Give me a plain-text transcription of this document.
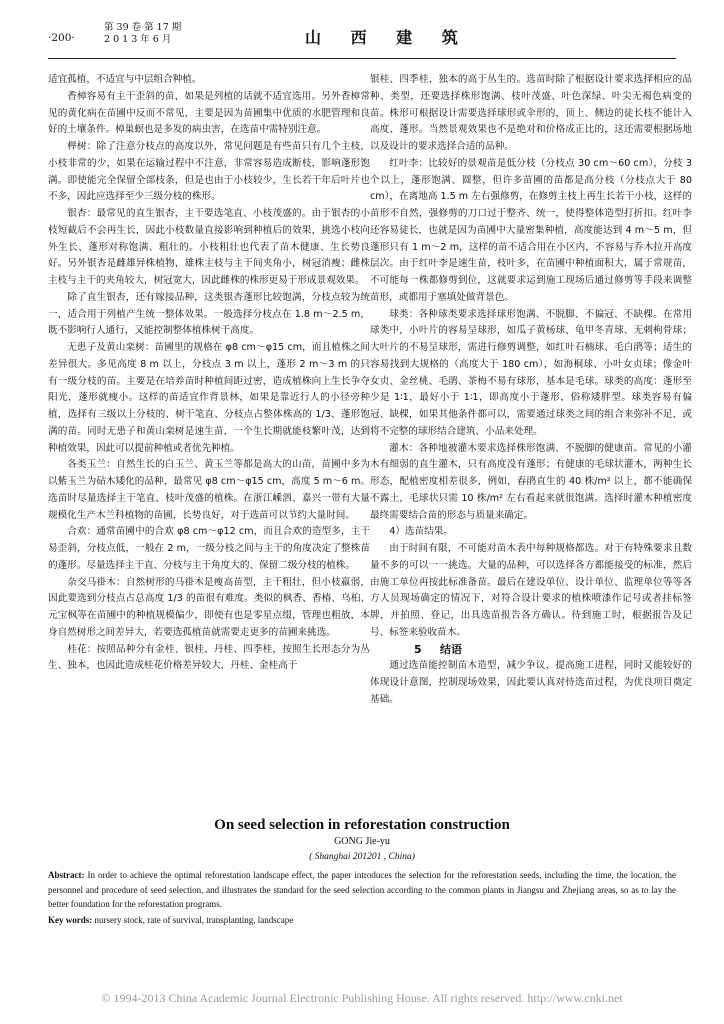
·200·
第 39 卷 第 17 期
2 0 1 3 年 6 月	山 西 建 筑

适宜孤植，不适宜与中层组合种植。

香樟容易有主干歪斜的苗，如果是列植的话就不适宜选用。另外香樟常见的黄化病在苗圃中反而不常见，主要是因为苗圃集中优质的水肥管理和良好的土壤条件。樟巢螟也是多发的病虫害，在选苗中需特别注意。

榉树：除了注意分枝点的高度以外，常见问题是有些苗只有几个主枝，小枝非常的少，如果在运输过程中不注意，非常容易造成断枝，影响蓬形饱满。即使能完全保留全部枝条，但是也由于小枝较少，生长若干年后叶片也不多，因此应选择至少三级分枝的株形。

银杏：最常见的直生银杏，主干要选笔直、小枝茂盛的。由于银杏的小枝短截后不会再生长，因此小枝数量直接影响到种植后的效果，挑选小枝向外生长、蓬形对称饱满、粗壮的。小枝粗壮也代表了苗木健康、生长势良好。另外银杏是雌雄异株植物，雄株主枝与主干间夹角小，树冠消瘦；雌株主枝与主干的夹角较大，树冠宽大，因此雌株的株形更易于形成景观效果。

除了直生银杏，还有嫁接品种，这类银杏蓬形比较饱满，分枝点较为统一，适合用于列植产生统一整体效果。一般选择分枝点在 1.8 m～2.5 m，既不影响行人通行，又能控制整体植株树干高度。

无患子及黄山栾树：苗圃里的规格在 φ8 cm～φ15 cm，而且植株之间差异很大。多见高度 8 m 以上，分枝点 3 m 以上，蓬形 2 m～3 m 的只有一级分枝的苗。主要是在培养苗时种植间距过密，造成植株向上生长争夺阳光，蓬形就瘦小。这样的苗适宜作背景林，如果是靠近行人的小径旁种植，选择有三级以上分枝的、树干笔直、分枝点占整体株高的 1/3、蓬形饱满的苗。同时无患子和黄山栾树是速生苗，一个生长期就能枝繁叶茂，达到种植效果，因此可以提前种植或者优先种植。

各类玉兰：自然生长的白玉兰、黄玉兰等都是高大的山苗，苗圃中多为以紫玉兰为砧木矮化的品种，最常见 φ8 cm～φ15 cm，高度 5 m～6 m。选苗时尽量选择主干笔直、枝叶茂盛的植株。在浙江嵊泗、嘉兴一带有大量规模化生产木兰科植物的苗圃，长势良好，对于选苗可以节约大量时间。

合欢：通常苗圃中的合欢 φ8 cm～φ12 cm，而且合欢的造型多，主干易歪斜，分枝点低，一般在 2 m，一级分枝之间与主干的角度决定了整株苗的蓬形。尽量选择主干直、分枝与主干角度大的、保留二级分枝的植株。

杂交马褂木：自然树形的马褂木是瘦高苗型，主干粗壮，但小枝羸弱，因此要选到分枝点占总高度 1/3 的苗很有难度。类似的枫香、香椿、乌桕、元宝枫等在苗圃中的种植规模偏少，即使有也是零星点缀，管理也粗放，本身自然树形之间差异大，若要选孤植苗就需要走更多的苗圃来挑选。

桂花：按照品种分有金桂、银桂、丹桂、四季桂，按照生长形态分为丛生、独本，也因此造成桂花价格差异较大，丹桂、金桂高于

银桂、四季桂，独本的高于丛生的。选苗时除了根据设计要求选择相应的品种、类型，还要选择株形饱满、枝叶茂盛、叶色深绿、叶尖无褐色病变的苗。株形可根据设计需要选择球形或伞形的，顶上、侧边的徒长枝不能计入高度、蓬形。当然景观效果也不是绝对和价格成正比的，这还需要根据场地以及设计的要求选择合适的品种。

红叶李：比较好的景观苗是低分枝（分枝点 30 cm～60 cm），分枝 3 个以上，蓬形饱满、圆整，但许多苗圃的苗都是高分枝（分枝点大于 80 cm），在离地高 1.5 m 左右强修剪，在修剪主枝上再生长若干小枝，这样的苗形不自然，强修剪的刀口过于整齐、统一，使得整体造型打折扣。红叶李还容易徒长，也就是因为苗圃中大量密集种植，高度能达到 4 m～5 m，但蓬形只有 1 m～2 m，这样的苗不适合用在小区内，不容易与乔木拉开高度层次。由于红叶李是速生苗，枝叶多，在苗圃中种植面积大，属于常规苗，不可能每一株都修剪到位，这就要求运到施工现场后通过修剪等手段来调整苗形，或都用于塞填处做背景色。

球类：各种球类要求选择球形饱满、不脱脚、不偏冠、不缺棵。在常用球类中，小叶片的容易呈球形，如瓜子黄杨球、龟甲冬青球、无刺枸骨球；大叶片的不易呈球形，需进行修剪调整，如红叶石楠球、毛白鹃等；适生的容易找到大规格的（高度大于 180 cm），如海桐球、小叶女贞球；像金叶女贞、金丝桃、毛鹃、茶梅不易有球形，基本是毛球。球类的高度：蓬形至少是 1∶1，最好小于 1∶1，即高度小于蓬形，俗称矮胖型。球类容易有偏冠、缺棵，如果其他条件都可以，需要通过球类之间的组合来弥补不足，或将不完整的球形结合建筑、小品来处理。

灌木：各种地被灌木要求选择株形饱满、不脱脚的健康苗。常见的小灌木有细弱的直生灌木，只有高度没有蓬形；有健康的毛球状灌木，两种生长形态，配植密度相差很多，例如，春鹃直生的 40 株/m² 以上，都不能确保不露土，毛球状只需 10 株/m² 左右看起来就很饱满。选择时灌木种植密度最终需要结合苗的形态与质量来确定。

4）选苗结果。

由于时间有限，不可能对苗木表中每种规格都选。对于有特殊要求且数量不多的可以一一挑选。大量的品种，可以选择各方都能接受的标准，然后由施工单位再按此标准备苗。最后在建设单位、设计单位、监理单位等等各方人员现场确定的情况下，对符合设计要求的植株喷漆作记号或者挂标签牌，并拍照、登记，出具选苗报告各方确认。待到施工时，根据报告及记号、标签来验收苗木。

5 结语

通过选苗能控制苗木造型，减少争议，提高施工进程，同时又能较好的体现设计意图，控制现场效果，因此要认真对待选苗过程，为优良项目奠定基础。

On seed selection in reforestation construction
GONG Jie-yu
( Shanghai 201201 , China)
Abstract: In order to achieve the optimal reforestation landscape effect, the paper introduces the selection for the reforestation seeds, including the time, the location, the personnel and procedure of seed selection, and illustrates the standard for the seed selection according to the common plants in Jiangsu and Zhejiang areas, so as to lay the better foundation for the reforestation programs.
Key words: nursery stock, rate of survival, transplanting, landscape
© 1994-2013 China Academic Journal Electronic Publishing House. All rights reserved. http://www.cnki.net
